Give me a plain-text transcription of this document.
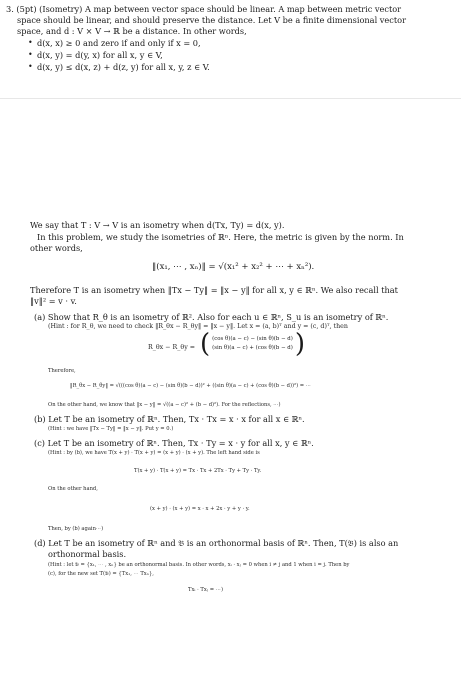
3. (5pt) (Isometry) A map between vector space should be linear. A map between metric vector
space should be linear, and should preserve the distance. Let V be a finite dimensional vector
space, and d : V × V → ℝ be a distance. In other words,
• d(x, x) ≥ 0 and zero if and only if x = 0,
• d(x, y) = d(y, x) for all x, y ∈ V,
• d(x, y) ≤ d(x, z) + d(z, y) for all x, y, z ∈ V.
We say that T : V → V is an isometry when d(Tx, Ty) = d(x, y).
In this problem, we study the isometries of ℝⁿ. Here, the metric is given by the norm. In
other words,
‖(x₁, ⋯ , xₙ)‖ = √(x₁² + x₂² + ⋯ + xₙ²).
Therefore T is an isometry when ‖Tx − Ty‖ = ‖x − y‖ for all x, y ∈ ℝⁿ. We also recall that
‖v‖² = v · v.
(a) Show that R_θ is an isometry of ℝ². Also for each u ∈ ℝⁿ, S_u is an isometry of ℝⁿ.
(Hint : for R_θ, we need to check ‖R_θx − R_θy‖ = ‖x − y‖. Let x = (a, b)ᵀ and y = (c, d)ᵀ, then
R_θx − R_θy = ( (cos θ)(a − c) − (sin θ)(b − d)
(sin θ)(a − c) + (cos θ)(b − d) )
Therefore,
‖R_θx − R_θy‖ = √(((cos θ)(a − c) − (sin θ)(b − d))² + ((sin θ)(a − c) + (cos θ)(b − d))²) = ⋯
On the other hand, we know that ‖x − y‖ = √((a − c)² + (b − d)²). For the reflections, ⋯)
(b) Let T be an isometry of ℝⁿ. Then, Tx · Tx = x · x for all x ∈ ℝⁿ.
(Hint : we have ‖Tx − Ty‖ = ‖x − y‖. Put y = 0.)
(c) Let T be an isometry of ℝⁿ. Then, Tx · Ty = x · y for all x, y ∈ ℝⁿ.
(Hint : by (b), we have T(x + y) · T(x + y) = (x + y) · (x + y). The left hand side is
T(x + y) · T(x + y) = Tx · Tx + 2Tx · Ty + Ty · Ty.
On the other hand,
(x + y) · (x + y) = x · x + 2x · y + y · y.
Then, by (b) again⋯)
(d) Let T be an isometry of ℝⁿ and 𝔅 is an orthonormal basis of ℝⁿ. Then, T(𝔅) is also an
orthonormal basis.
(Hint : let 𝔅 = {x₁, ⋯ , xₙ} be an orthonormal basis. In other words, xᵢ · xⱼ = 0 when i ≠ j and 1 when i = j. Then by
(c), for the new set T(𝔅) = {Tx₁, ⋯ Txₙ},
Txᵢ · Txⱼ = ⋯)
